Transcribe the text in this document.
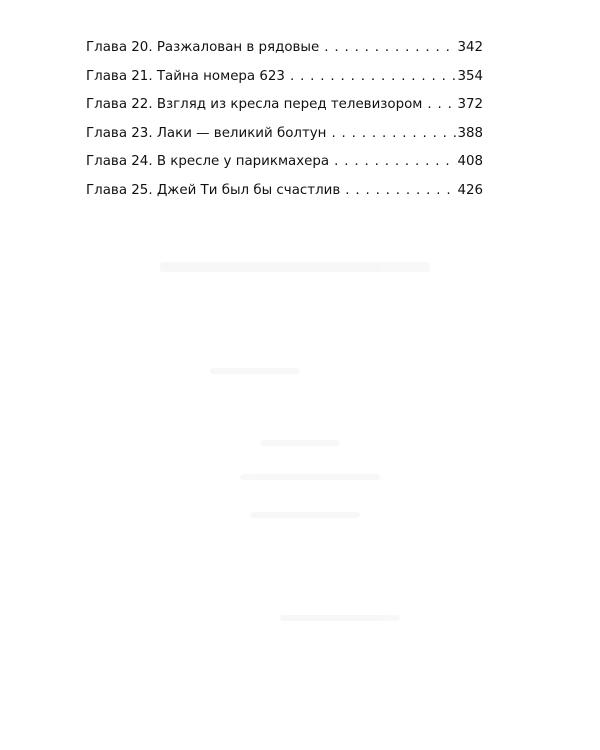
Глава 20. Разжалован в рядовые . . .	342
Глава 21. Тайна номера 623 . . .	354
Глава 22. Взгляд из кресла перед телевизором . . .	372
Глава 23. Лаки — великий болтун . . .	388
Глава 24. В кресле у парикмахера . . .	408
Глава 25. Джей Ти был бы счастлив . . .	426
